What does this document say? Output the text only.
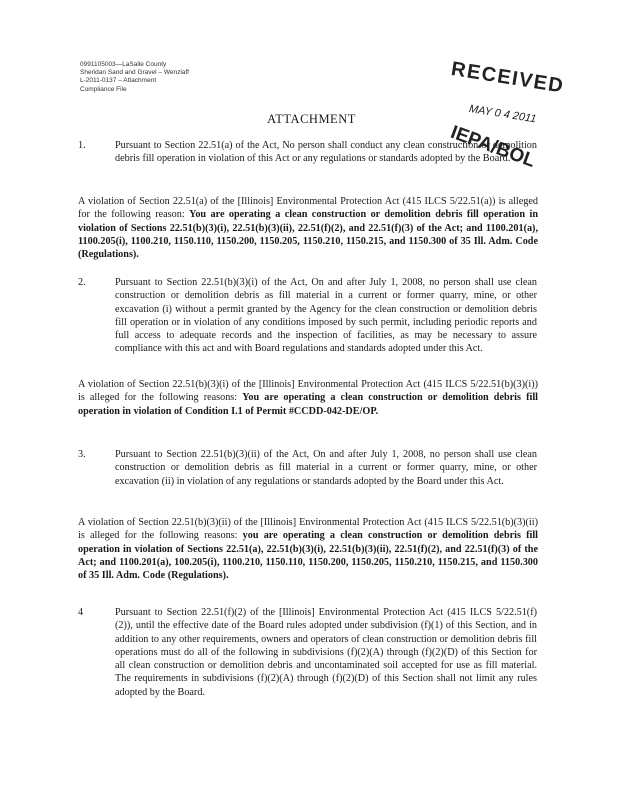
0991105003—LaSalle County
Sheridan Sand and Gravel – Wenzlaff
L-2011-0137 – Attachment
Compliance File	RECEIVED
MAY 0 4 2011
IEPA/BOL
ATTACHMENT
1.	Pursuant to Section 22.51(a) of the Act, No person shall conduct any clean construction or demolition debris fill operation in violation of this Act or any regulations or standards adopted by the Board.
A violation of Section 22.51(a) of the [Illinois] Environmental Protection Act (415 ILCS 5/22.51(a)) is alleged for the following reason: You are operating a clean construction or demolition debris fill operation in violation of Sections 22.51(b)(3)(i), 22.51(b)(3)(ii), 22.51(f)(2), and 22.51(f)(3) of the Act; and 1100.201(a), 1100.205(i), 1100.210, 1150.110, 1150.200, 1150.205, 1150.210, 1150.215, and 1150.300 of 35 Ill. Adm. Code (Regulations).
2.	Pursuant to Section 22.51(b)(3)(i) of the Act, On and after July 1, 2008, no person shall use clean construction or demolition debris as fill material in a current or former quarry, mine, or other excavation (i) without a permit granted by the Agency for the clean construction or demolition debris fill operation or in violation of any conditions imposed by such permit, including periodic reports and full access to adequate records and the inspection of facilities, as may be necessary to assure compliance with this act and with Board regulations and standards adopted under this Act.
A violation of Section 22.51(b)(3)(i) of the [Illinois] Environmental Protection Act (415 ILCS 5/22.51(b)(3)(i)) is alleged for the following reasons: You are operating a clean construction or demolition debris fill operation in violation of Condition I.1 of Permit #CCDD-042-DE/OP.
3.	Pursuant to Section 22.51(b)(3)(ii) of the Act, On and after July 1, 2008, no person shall use clean construction or demolition debris as fill material in a current or former quarry, mine, or other excavation (ii) in violation of any regulations or standards adopted by the Board under this Act.
A violation of Section 22.51(b)(3)(ii) of the [Illinois] Environmental Protection Act (415 ILCS 5/22.51(b)(3)(ii) is alleged for the following reasons: you are operating a clean construction or demolition debris fill operation in violation of Sections 22.51(a), 22.51(b)(3)(i), 22.51(b)(3)(ii), 22.51(f)(2), and 22.51(f)(3) of the Act; and 1100.201(a), 100.205(i), 1100.210, 1150.110, 1150.200, 1150.205, 1150.210, 1150.215, and 1150.300 of 35 Ill. Adm. Code (Regulations).
4	Pursuant to Section 22.51(f)(2) of the [Illinois] Environmental Protection Act (415 ILCS 5/22.51(f)(2)), until the effective date of the Board rules adopted under subdivision (f)(1) of this Section, and in addition to any other requirements, owners and operators of clean construction or demolition debris fill operations must do all of the following in subdivisions (f)(2)(A) through (f)(2)(D) of this Section for all clean construction or demolition debris and uncontaminated soil accepted for use as fill material. The requirements in subdivisions (f)(2)(A) through (f)(2)(D) of this Section shall not limit any rules adopted by the Board.
